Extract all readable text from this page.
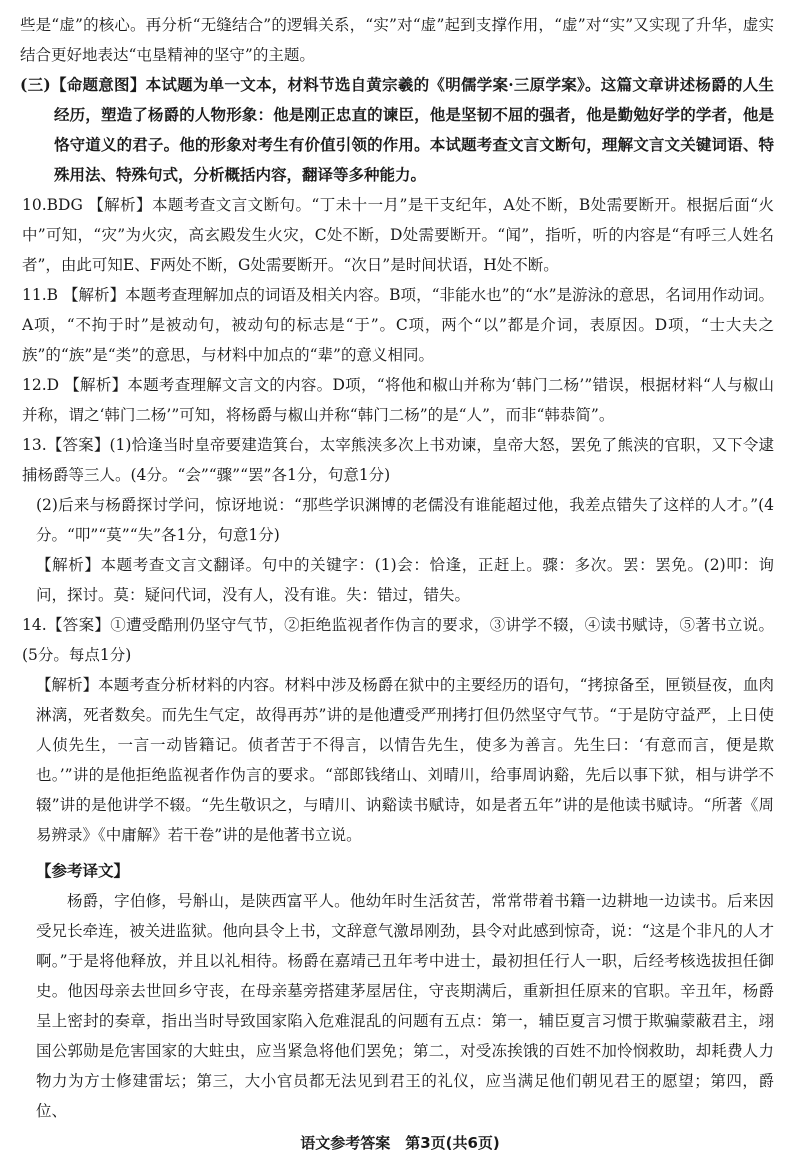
些是“虚”的核心。再分析“无缝结合”的逻辑关系，“实”对“虚”起到支撑作用，“虚”对“实”又实现了升华，虚实结合更好地表达“屯垦精神的坚守”的主题。

(三)【命题意图】本试题为单一文本，材料节选自黄宗羲的《明儒学案·三原学案》。这篇文章讲述杨爵的人生经历，塑造了杨爵的人物形象：他是刚正忠直的谏臣，他是坚韧不屈的强者，他是勤勉好学的学者，他是恪守道义的君子。他的形象对考生有价值引领的作用。本试题考查文言文断句，理解文言文关键词语、特殊用法、特殊句式，分析概括内容，翻译等多种能力。

10.BDG 【解析】本题考查文言文断句。“丁未十一月”是干支纪年，A处不断，B处需要断开。根据后面“火中”可知，“灾”为火灾，高玄殿发生火灾，C处不断，D处需要断开。“闻”，指听，听的内容是“有呼三人姓名者”，由此可知E、F两处不断，G处需要断开。“次日”是时间状语，H处不断。

11.B 【解析】本题考查理解加点的词语及相关内容。B项，“非能水也”的“水”是游泳的意思，名词用作动词。A项，“不拘于时”是被动句，被动句的标志是“于”。C项，两个“以”都是介词，表原因。D项，“士大夫之族”的“族”是“类”的意思，与材料中加点的“辈”的意义相同。

12.D 【解析】本题考查理解文言文的内容。D项，“将他和椒山并称为‘韩门二杨’”错误，根据材料“人与椒山并称，谓之‘韩门二杨’”可知，将杨爵与椒山并称“韩门二杨”的是“人”，而非“韩恭简”。

13.【答案】(1)恰逢当时皇帝要建造箕台，太宰熊浃多次上书劝谏，皇帝大怒，罢免了熊浃的官职，又下令逮捕杨爵等三人。(4分。“会”“骤”“罢”各1分，句意1分)

(2)后来与杨爵探讨学问，惊讶地说：“那些学识渊博的老儒没有谁能超过他，我差点错失了这样的人才。”(4分。“叩”“莫”“失”各1分，句意1分)

【解析】本题考查文言文翻译。句中的关键字：(1)会：恰逢，正赶上。骤：多次。罢：罢免。(2)叩：询问，探讨。莫：疑问代词，没有人，没有谁。失：错过，错失。

14.【答案】①遭受酷刑仍坚守气节，②拒绝监视者作伪言的要求，③讲学不辍，④读书赋诗，⑤著书立说。(5分。每点1分)

【解析】本题考查分析材料的内容。材料中涉及杨爵在狱中的主要经历的语句，“拷掠备至，匣锁昼夜，血肉淋漓，死者数矣。而先生气定，故得再苏”讲的是他遭受严刑拷打但仍然坚守气节。“于是防守益严，上日使人侦先生，一言一动皆籍记。侦者苦于不得言，以情告先生，使多为善言。先生曰：‘有意而言，便是欺也。’”讲的是他拒绝监视者作伪言的要求。“部郎钱绪山、刘晴川，给事周讷谿，先后以事下狱，相与讲学不辍”讲的是他讲学不辍。“先生敬识之，与晴川、讷谿读书赋诗，如是者五年”讲的是他读书赋诗。“所著《周易辨录》《中庸解》若干卷”讲的是他著书立说。

【参考译文】

杨爵，字伯修，号斛山，是陕西富平人。他幼年时生活贫苦，常常带着书籍一边耕地一边读书。后来因受兄长牵连，被关进监狱。他向县令上书，文辞意气激昂刚劲，县令对此感到惊奇，说：“这是个非凡的人才啊。”于是将他释放，并且以礼相待。杨爵在嘉靖己丑年考中进士，最初担任行人一职，后经考核选拔担任御史。他因母亲去世回乡守丧，在母亲墓旁搭建茅屋居住，守丧期满后，重新担任原来的官职。辛丑年，杨爵呈上密封的奏章，指出当时导致国家陷入危难混乱的问题有五点：第一，辅臣夏言习惯于欺骗蒙蔽君主，翊国公郭勋是危害国家的大蛀虫，应当紧急将他们罢免；第二，对受冻挨饿的百姓不加怜悯救助，却耗费人力物力为方士修建雷坛；第三，大小官员都无法见到君王的礼仪，应当满足他们朝见君王的愿望；第四，爵位、

语文参考答案　第3页(共6页)
